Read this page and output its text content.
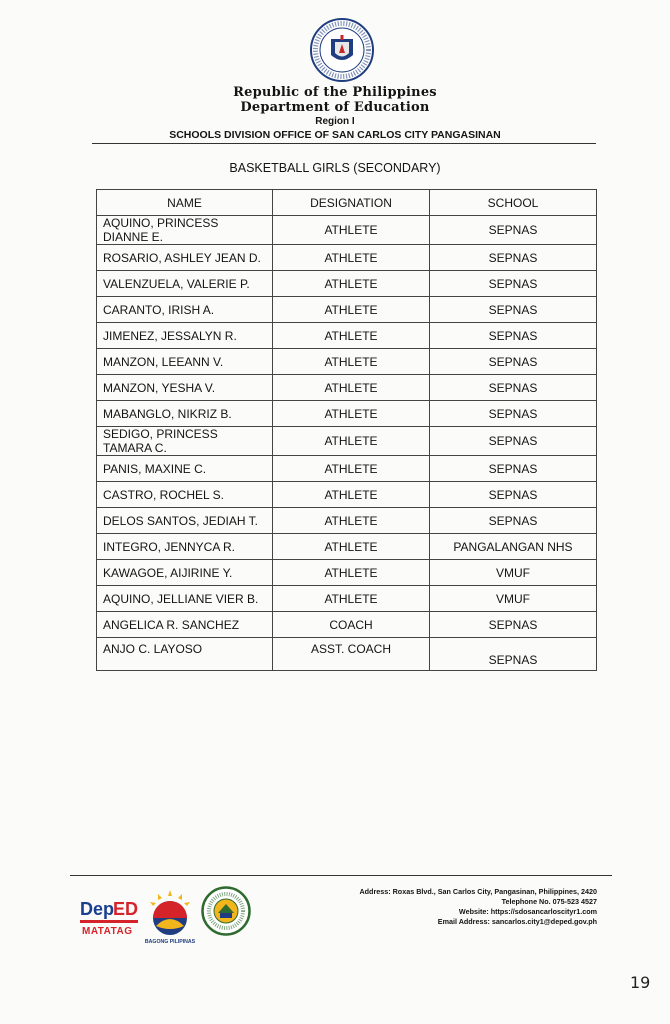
Republic of the Philippines
Department of Education
Region I
SCHOOLS DIVISION OFFICE OF SAN CARLOS CITY PANGASINAN
BASKETBALL GIRLS (SECONDARY)
NAME	DESIGNATION	SCHOOL
AQUINO, PRINCESS DIANNE E.	ATHLETE	SEPNAS
ROSARIO, ASHLEY JEAN D.	ATHLETE	SEPNAS
VALENZUELA, VALERIE P.	ATHLETE	SEPNAS
CARANTO, IRISH A.	ATHLETE	SEPNAS
JIMENEZ, JESSALYN R.	ATHLETE	SEPNAS
MANZON, LEEANN V.	ATHLETE	SEPNAS
MANZON, YESHA V.	ATHLETE	SEPNAS
MABANGLO, NIKRIZ B.	ATHLETE	SEPNAS
SEDIGO, PRINCESS TAMARA C.	ATHLETE	SEPNAS
PANIS, MAXINE C.	ATHLETE	SEPNAS
CASTRO, ROCHEL S.	ATHLETE	SEPNAS
DELOS SANTOS, JEDIAH T.	ATHLETE	SEPNAS
INTEGRO, JENNYCA R.	ATHLETE	PANGALANGAN NHS
KAWAGOE, AIJIRINE Y.	ATHLETE	VMUF
AQUINO, JELLIANE VIER B.	ATHLETE	VMUF
ANGELICA R. SANCHEZ	COACH	SEPNAS
ANJO C. LAYOSO	ASST. COACH	SEPNAS
Dep
ED
MATATAG
BAGONG PILIPINAS
Address: Roxas Blvd., San Carlos City, Pangasinan, Philippines, 2420
Telephone No. 075-523 4527
Website: https://sdosancarloscityr1.com
Email Address: sancarlos.city1@deped.gov.ph
19
